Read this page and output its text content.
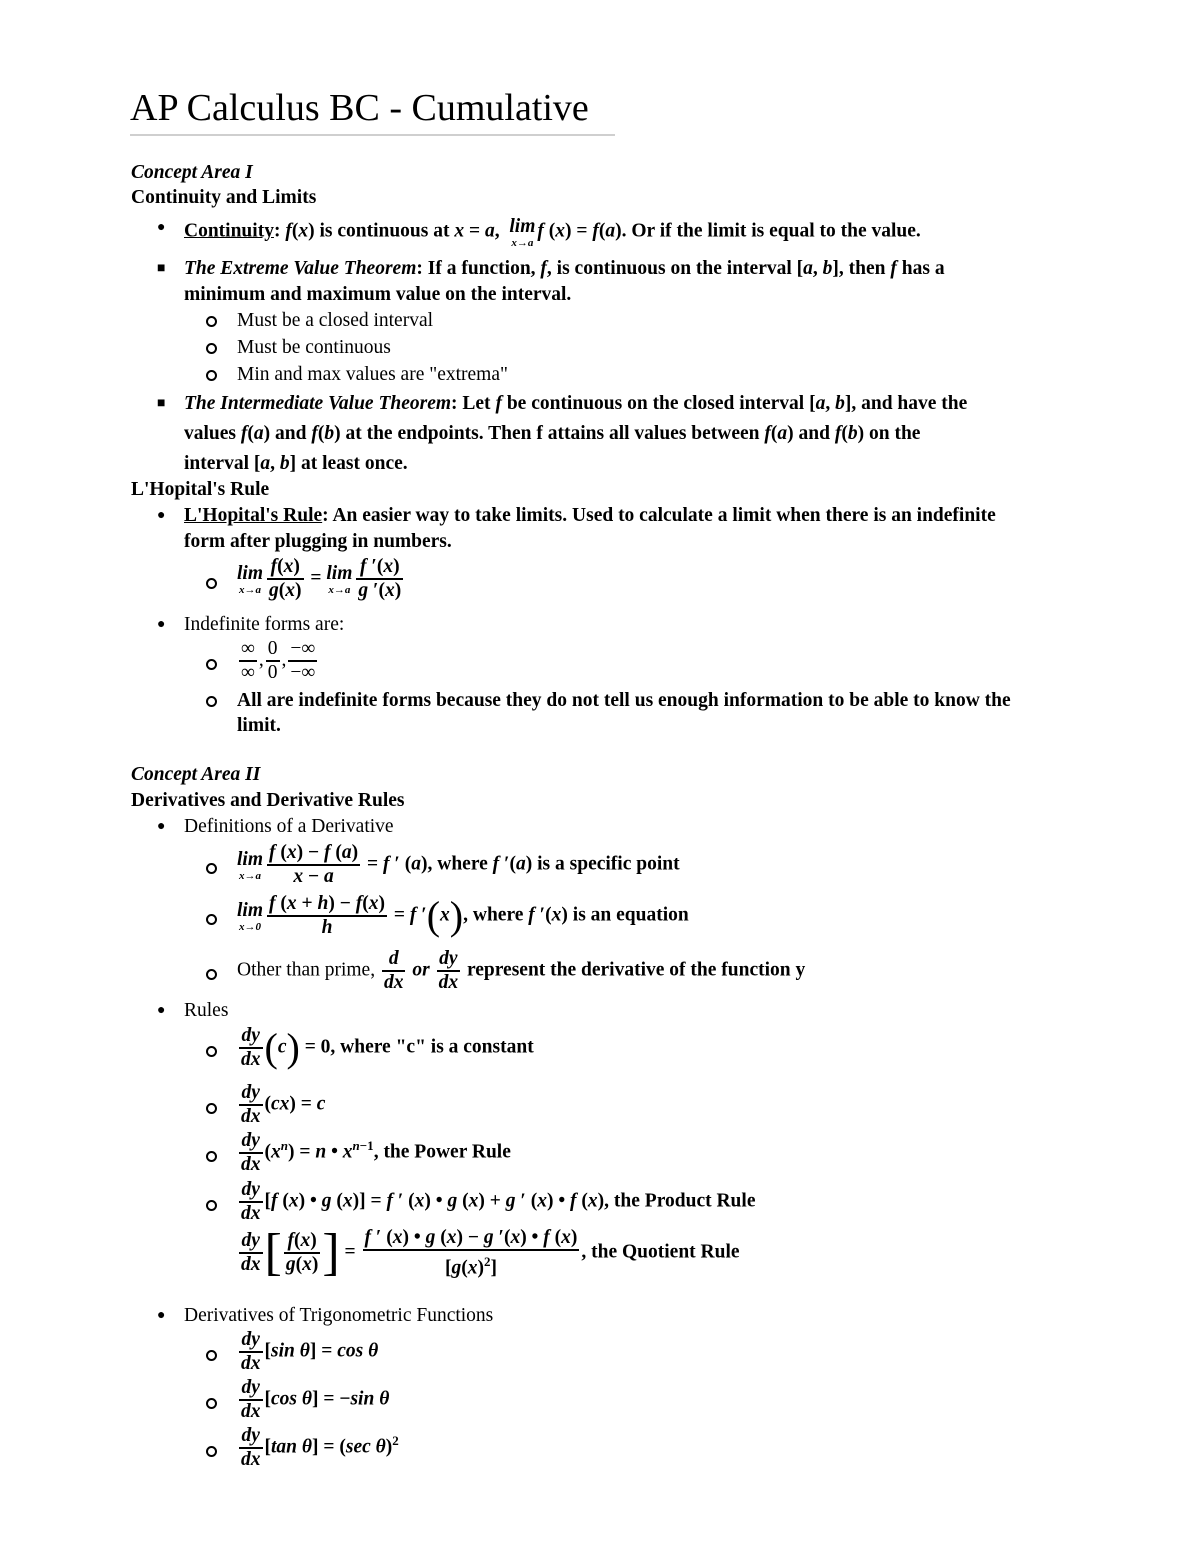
AP Calculus BC - Cumulative
Concept Area I
Continuity and Limits
● Continuity: f(x) is continuous at x = a, lim
x→a
f (x) = f(a). Or if the limit is equal to the value.
■ The Extreme Value Theorem: If a function, f, is continuous on the interval [a, b], then f has a
minimum and maximum value on the interval.
Must be a closed interval
Must be continuous
Min and max values are "extrema"
■ The Intermediate Value Theorem: Let f be continuous on the closed interval [a, b], and have the
values f(a) and f(b) at the endpoints. Then f attains all values between f(a) and f(b) on the
interval [a, b] at least once.
L'Hopital's Rule
● L'Hopital's Rule: An easier way to take limits. Used to calculate a limit when there is an indefinite
form after plugging in numbers.
lim
$x\to a \frac{f(x)}{g(x)} = \lim$
$x\to a \frac{f '(x)}{g '(x)}$
● Indefinite forms are:
$\frac{\infty}{\infty}$ , $\frac{0}{0}$ , $\frac{-\infty}{-\infty}$
All are indefinite forms because they do not tell us enough information to be able to know the
limit.
Concept Area II
Derivatives and Derivative Rules
● Definitions of a Derivative
lim
$x\to a \frac{f (x) - f (a)}{x - a} = f$ ′ (a), where f ′(a) is a specific point
lim
$x\to 0 \frac{f (x + h) - f(x)}{h} = f$ ′(x), where f ′(x) is an equation
Other than prime, $\frac{d}{dx}$ or $\frac{dy}{dx}$ represent the derivative of the function y
● Rules
$\frac{dy}{dx} (c) = 0$, where "c" is a constant
$\frac{dy}{dx} (cx) = c$
$\frac{dy}{dx} (x^n) = n$ • $x^{n-1}$, the Power Rule
$\frac{dy}{dx} [f$ (x) • g (x)] = f ′ (x) • g (x) + g ′ (x) • f (x), the Product Rule
$\frac{dy}{dx}$ [ $\frac{f(x)}{g(x)}$ ] = $\frac{f ' (x) • g (x) - g '(x) • f (x)}{[g(x)^2]}$ , the Quotient Rule
● Derivatives of Trigonometric Functions
$\frac{dy}{dx} [\sin$ θ] = cos θ
$\frac{dy}{dx} [\cos$ θ] = −sin θ
$\frac{dy}{dx} [\tan$ θ] = (sec θ)$^2$
